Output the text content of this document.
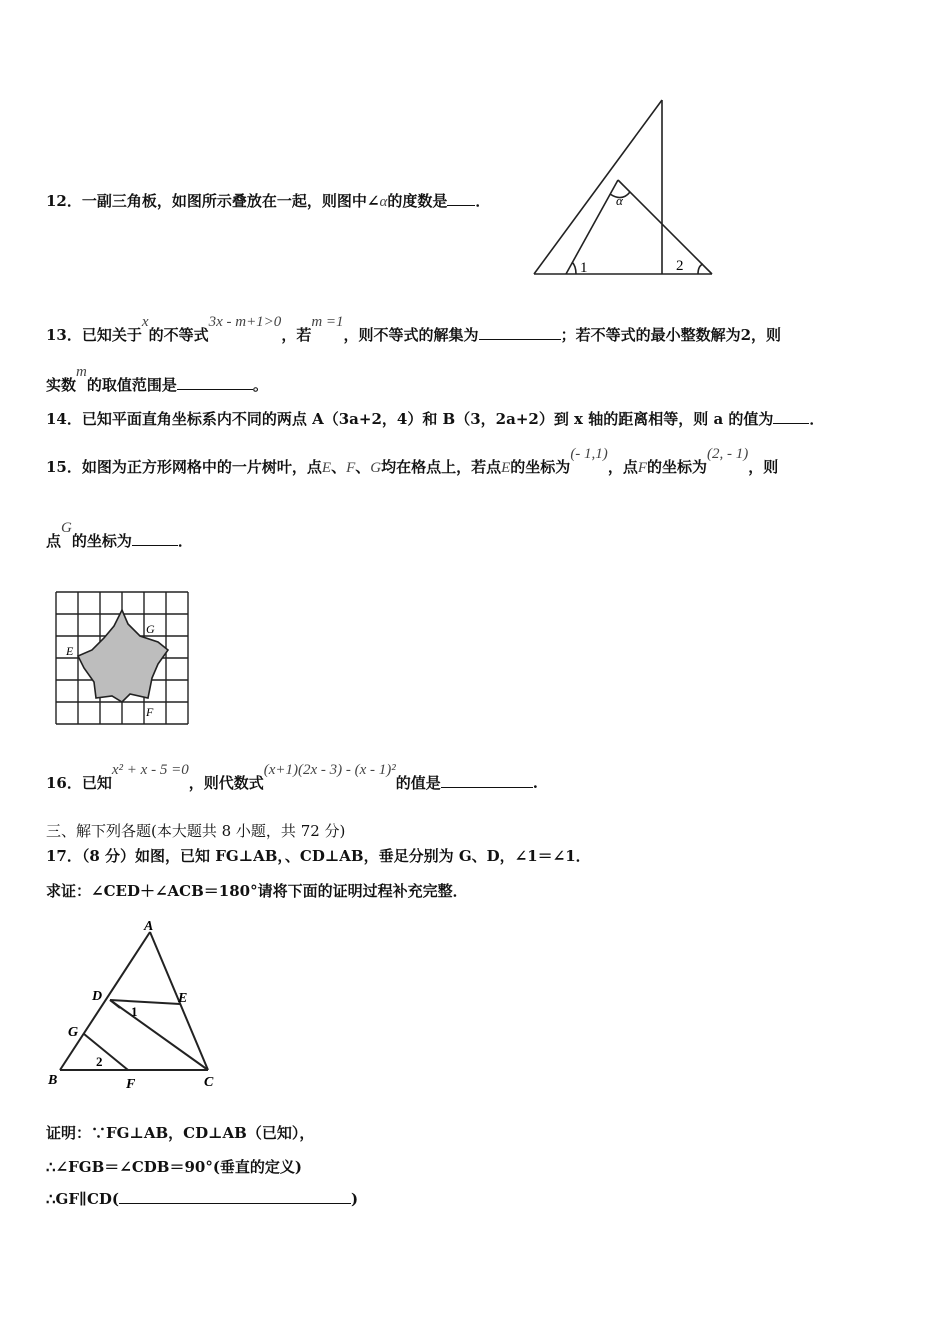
12．一副三角板，如图所示叠放在一起，则图中∠α的度数是 ．	α
1	2
13．已知关于x的不等式3x - m+1>0，若m =1，则不等式的解集为	；若不等式的最小整数解为2，则
实数m的取值范围是	。
14．已知平面直角坐标系内不同的两点 A（3a+2，4）和 B（3，2a+2）到 x 轴的距离相等，则 a 的值为 ．
15．如图为正方形网格中的一片树叶，点E、F、G均在格点上，若点E的坐标为(- 1,1)，点F的坐标为(2, - 1)，则
点G的坐标为	．
G
E
F
16．已知x² + x - 5 =0，则代数式(x+1)(2x - 3) - (x - 1)²的值是	.
三、解下列各题(本大题共 8 小题，共 72 分)
17．（8 分）如图，已知 FG⊥AB，、CD⊥AB，垂足分别为 G、D，∠1＝∠1．
求证：∠CED＋∠ACB＝180°请将下面的证明过程补充完整．
A
D	E
1
G
2
B	F	C
证明：∵FG⊥AB，CD⊥AB（已知），
∴∠FGB＝∠CDB＝90°(垂直的定义)
∴GF∥CD(	)
